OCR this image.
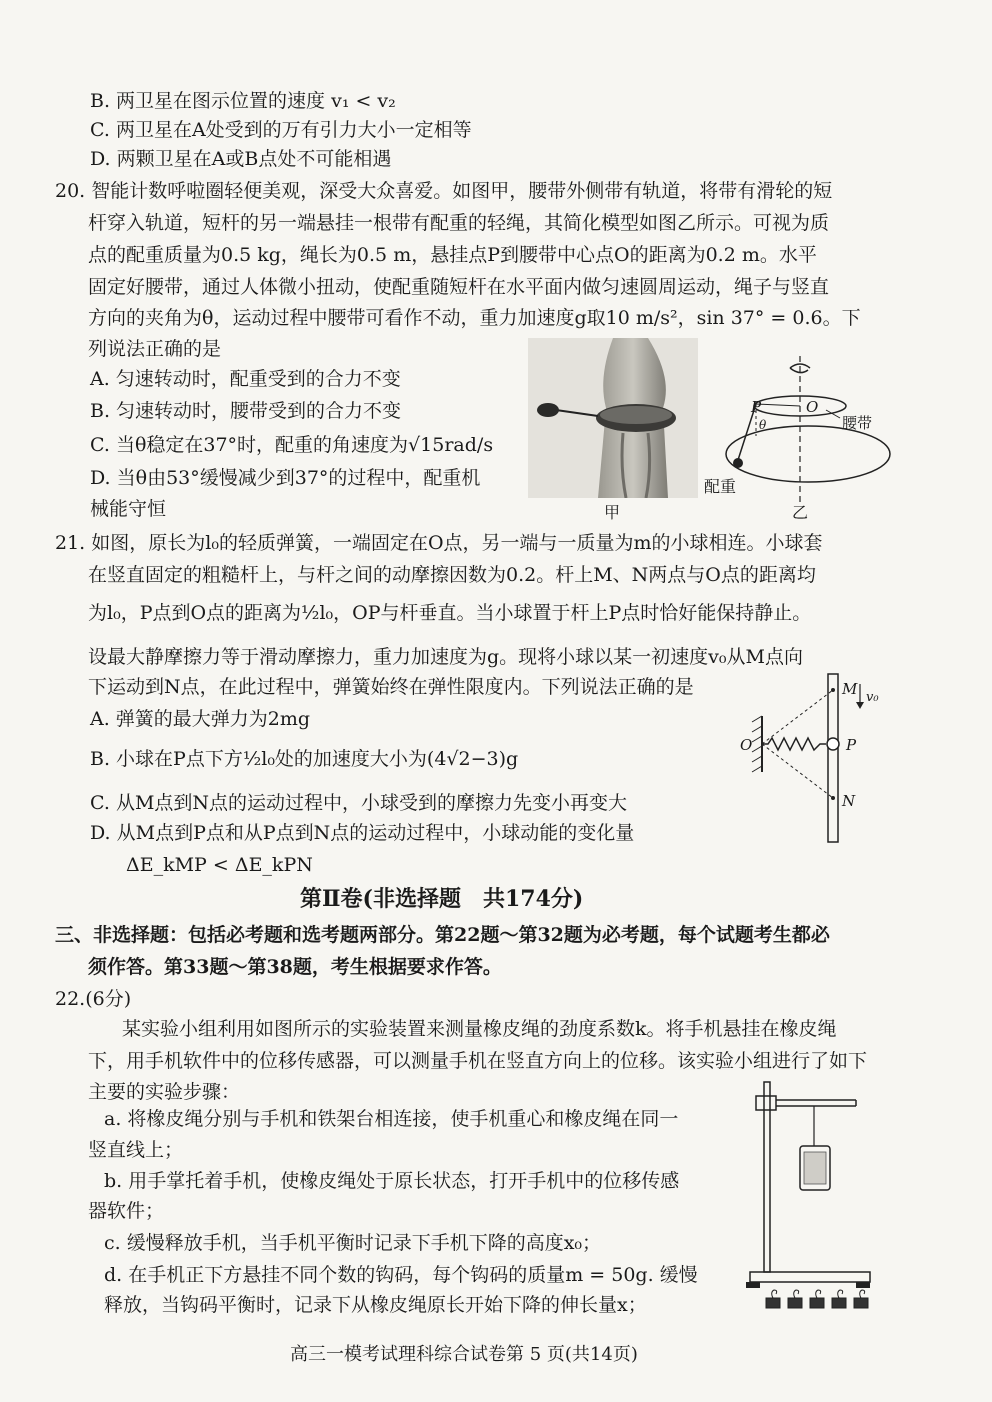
B. 两卫星在图示位置的速度 v₁ < v₂
C. 两卫星在A处受到的万有引力大小一定相等
D. 两颗卫星在A或B点处不可能相遇
20. 智能计数呼啦圈轻便美观，深受大众喜爱。如图甲，腰带外侧带有轨道，将带有滑轮的短
杆穿入轨道，短杆的另一端悬挂一根带有配重的轻绳，其简化模型如图乙所示。可视为质
点的配重质量为0.5 kg，绳长为0.5 m，悬挂点P到腰带中心点O的距离为0.2 m。水平
固定好腰带，通过人体微小扭动，使配重随短杆在水平面内做匀速圆周运动，绳子与竖直
方向的夹角为θ，运动过程中腰带可看作不动，重力加速度g取10 m/s²，sin 37° = 0.6。下
列说法正确的是
A. 匀速转动时，配重受到的合力不变
B. 匀速转动时，腰带受到的合力不变
C. 当θ稳定在37°时，配重的角速度为√15rad/s
D. 当θ由53°缓慢减少到37°的过程中，配重机
械能守恒	甲
P	O
θ	腰带
配重
乙
21. 如图，原长为l₀的轻质弹簧，一端固定在O点，另一端与一质量为m的小球相连。小球套
在竖直固定的粗糙杆上，与杆之间的动摩擦因数为0.2。杆上M、N两点与O点的距离均
为l₀，P点到O点的距离为½l₀，OP与杆垂直。当小球置于杆上P点时恰好能保持静止。
设最大静摩擦力等于滑动摩擦力，重力加速度为g。现将小球以某一初速度v₀从M点向
下运动到N点，在此过程中，弹簧始终在弹性限度内。下列说法正确的是
A. 弹簧的最大弹力为2mg
B. 小球在P点下方½l₀处的加速度大小为(4√2−3)g
C. 从M点到N点的运动过程中，小球受到的摩擦力先变小再变大
D. 从M点到P点和从P点到N点的运动过程中，小球动能的变化量
ΔE_kMP < ΔE_kPN
M v₀
O	P
N
第Ⅱ卷(非选择题　共174分)
三、非选择题：包括必考题和选考题两部分。第22题～第32题为必考题，每个试题考生都必
须作答。第33题～第38题，考生根据要求作答。
22.(6分)
某实验小组利用如图所示的实验装置来测量橡皮绳的劲度系数k。将手机悬挂在橡皮绳
下，用手机软件中的位移传感器，可以测量手机在竖直方向上的位移。该实验小组进行了如下
主要的实验步骤：
a. 将橡皮绳分别与手机和铁架台相连接，使手机重心和橡皮绳在同一
竖直线上；
b. 用手掌托着手机，使橡皮绳处于原长状态，打开手机中的位移传感
器软件；
c. 缓慢释放手机，当手机平衡时记录下手机下降的高度x₀；
d. 在手机正下方悬挂不同个数的钩码，每个钩码的质量m = 50g. 缓慢
释放，当钩码平衡时，记录下从橡皮绳原长开始下降的伸长量x；
高三一模考试理科综合试卷第 5 页(共14页)
